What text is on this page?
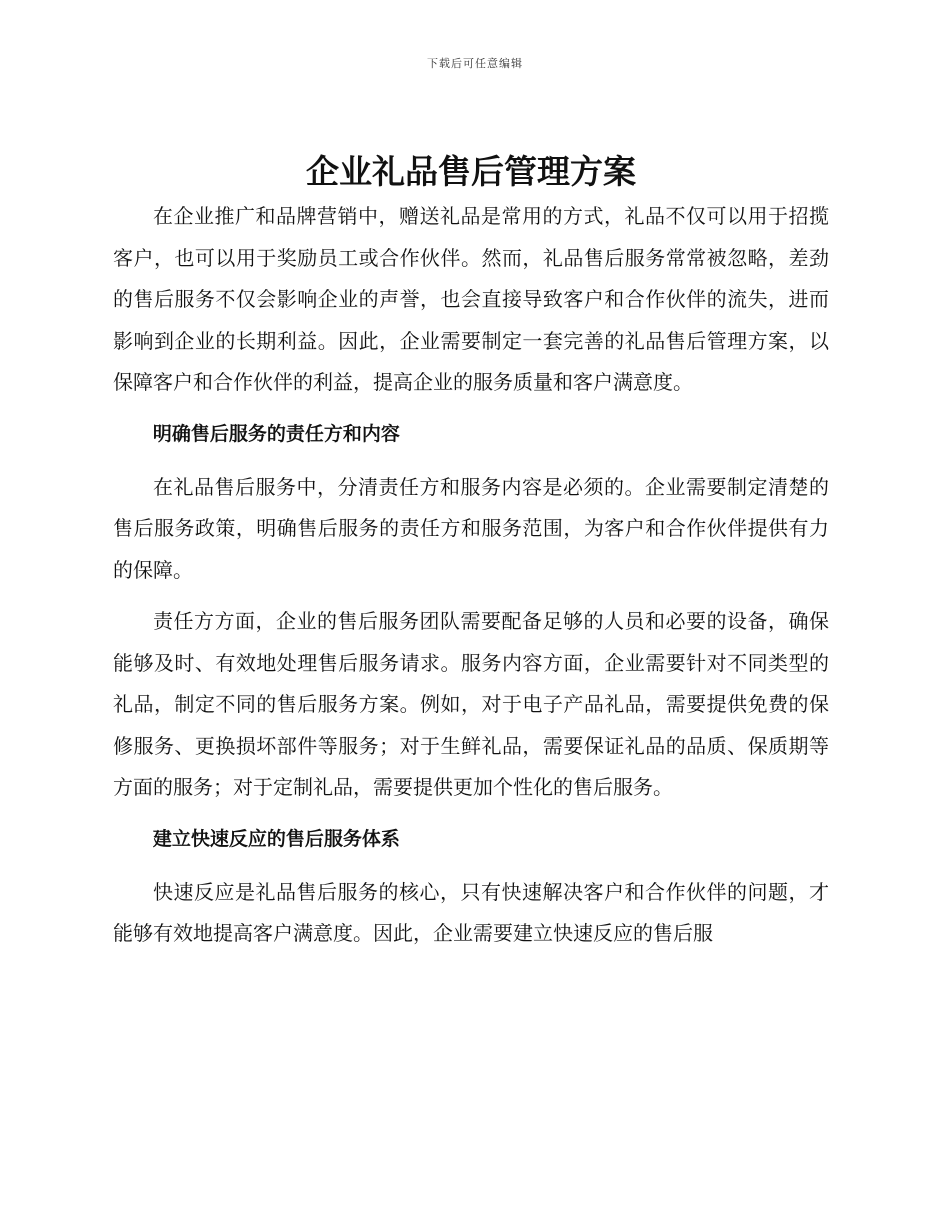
下载后可任意编辑
企业礼品售后管理方案

在企业推广和品牌营销中，赠送礼品是常用的方式，礼品不仅可以用于招揽客户，也可以用于奖励员工或合作伙伴。然而，礼品售后服务常常被忽略，差劲的售后服务不仅会影响企业的声誉，也会直接导致客户和合作伙伴的流失，进而影响到企业的长期利益。因此，企业需要制定一套完善的礼品售后管理方案，以保障客户和合作伙伴的利益，提高企业的服务质量和客户满意度。

明确售后服务的责任方和内容

在礼品售后服务中，分清责任方和服务内容是必须的。企业需要制定清楚的售后服务政策，明确售后服务的责任方和服务范围，为客户和合作伙伴提供有力的保障。

责任方方面，企业的售后服务团队需要配备足够的人员和必要的设备，确保能够及时、有效地处理售后服务请求。服务内容方面，企业需要针对不同类型的礼品，制定不同的售后服务方案。例如，对于电子产品礼品，需要提供免费的保修服务、更换损坏部件等服务；对于生鲜礼品，需要保证礼品的品质、保质期等方面的服务；对于定制礼品，需要提供更加个性化的售后服务。

建立快速反应的售后服务体系

快速反应是礼品售后服务的核心，只有快速解决客户和合作伙伴的问题，才能够有效地提高客户满意度。因此，企业需要建立快速反应的售后服
